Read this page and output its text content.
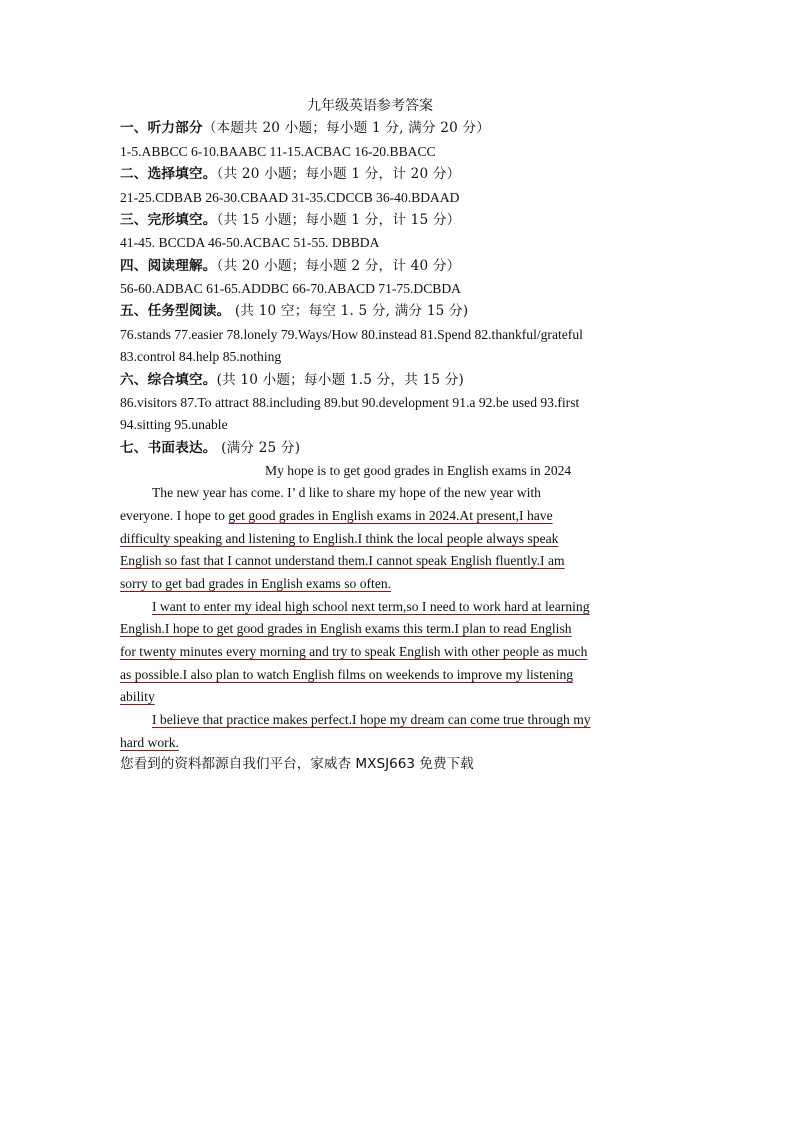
九年级英语参考答案
一、听力部分（本题共 20 小题；每小题 1 分, 满分 20 分）
1-5.ABBCC 6-10.BAABC 11-15.ACBAC 16-20.BBACC
二、选择填空。（共 20 小题；每小题 1 分，计 20 分）
21-25.CDBAB 26-30.CBAAD 31-35.CDCCB 36-40.BDAAD
三、完形填空。（共 15 小题；每小题 1 分，计 15 分）
41-45. BCCDA 46-50.ACBAC 51-55. DBBDA
四、阅读理解。（共 20 小题；每小题 2 分，计 40 分）
56-60.ADBAC 61-65.ADDBC 66-70.ABACD 71-75.DCBDA
五、任务型阅读。 (共 10 空；每空 1. 5 分, 满分 15 分)
76.stands 77.easier 78.lonely 79.Ways/How 80.instead 81.Spend 82.thankful/grateful
83.control 84.help 85.nothing
六、综合填空。(共 10 小题；每小题 1.5 分，共 15 分)
86.visitors 87.To attract 88.including 89.but 90.development 91.a 92.be used 93.first
94.sitting 95.unable
七、书面表达。 (满分 25 分)
My hope is to get good grades in English exams in 2024
The new year has come. I’ d like to share my hope of the new year with
everyone. I hope to get good grades in English exams in 2024.At present,I have
difficulty speaking and listening to English.I think the local people always speak
English so fast that I cannot understand them.I cannot speak English fluently.I am
sorry to get bad grades in English exams so often.
I want to enter my ideal high school next term,so I need to work hard at learning
English.I hope to get good grades in English exams this term.I plan to read English
for twenty minutes every morning and try to speak English with other people as much
as possible.I also plan to watch English films on weekends to improve my listening
ability
I believe that practice makes perfect.I hope my dream can come true through my
hard work.
您看到的资料都源自我们平台，家威杏 MXSJ663 免费下载
